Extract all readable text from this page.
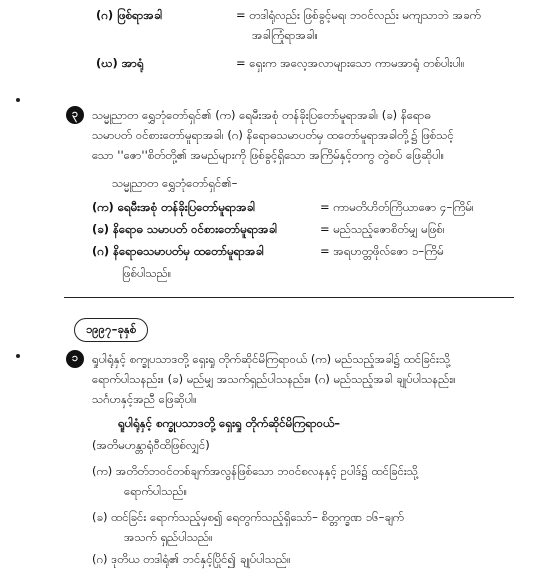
(ဂ) ဖြစ်ရာအခါ	= တဒါရုံလည်း ဖြစ်ခွင့်မရ၊ ဘဝင်လည်း မကျသာဘဲ အခက်
အခါကြုံရာအခါ။
(ဃ) အာရုံ	= ရှေးက အလေ့အလာများသော ကာမအာရုံ တစ်ပါးပါ။
၃	သမ္မုညာတ ရွှေဘုံတော်ရှင်၏ (က) ရေမီးအစုံ တန်ခိုးပြတော်မူရာအခါ၊ (ခ) နိရောဓ
သမာပတ် ဝင်စားတော်မူရာအခါ၊ (ဂ) နိရောဓသမာပတ်မှ ထတော်မူရာအခါတို့၌ ဖြစ်သင့်
သော ''ဇော''စိတ်တို့၏ အမည်များကို ဖြစ်ခွင့်ရှိသော အကြိမ်နှင့်တကွ တွဲစပ် ဖြေဆိုပါ။
သမ္မုညာတ ရွှေဘုံတော်ရှင်၏–
(က) ရေမီးအစုံ တန်ခိုးပြတော်မူရာအခါ	= ကာမတိဟိတ်ကြိယာဇော ၄–ကြိမ်၊
(ခ) နိရောဓ သမာပတ် ဝင်စားတော်မူရာအခါ	= မည်သည့်ဇောစိတ်မျှ မဖြစ်၊
(ဂ) နိရောဓသမာပတ်မှ ထတော်မူရာအခါ	= အရဟတ္တဖိုလ်ဇော ၁–ကြိမ်
ဖြစ်ပါသည်။
၁၉၉၇–ခုနှစ်
၁	ရှုပါရုံနှင့် စက္ခုပသာဒတို့ ရှေးရှု တိုက်ဆိုင်မိကြရာဝယ် (က) မည်သည့်အခါ၌ ထင်ခြင်းသို့
ရောက်ပါသနည်း။ (ခ) မည်မျှ အသက်ရှည်ပါသနည်း။ (ဂ) မည်သည့်အခါ ချုပ်ပါသနည်း။
သင်္ဂဟနှင့်အညီ ဖြေဆိုပါ။
ရူပါရုံနှင့် စက္ခုပသာဒတို့ ရှေးရှု တိုက်ဆိုင်မိကြရာဝယ်–
(အတိမဟန္တာရုံဝီထိဖြစ်လျှင်)
(က) အတိတ်ဘဝင်တစ်ချက်အလွန်ဖြစ်သော ဘဝင်စလနနှင့် ဥပါဒ်၌ ထင်ခြင်းသို့
ရောက်ပါသည်။
(ခ) ထင်ခြင်း ရောက်သည့်မှစ၍ ရေတွက်သည့်ရှိသော်– စိတ္တက္ခဏ ၁၆–ချက်
အသက် ရှည်ပါသည်။
(ဂ) ဒုတိယ တဒါရုံ၏ ဘင်နှင့်ပြိုင်၍ ချုပ်ပါသည်။
